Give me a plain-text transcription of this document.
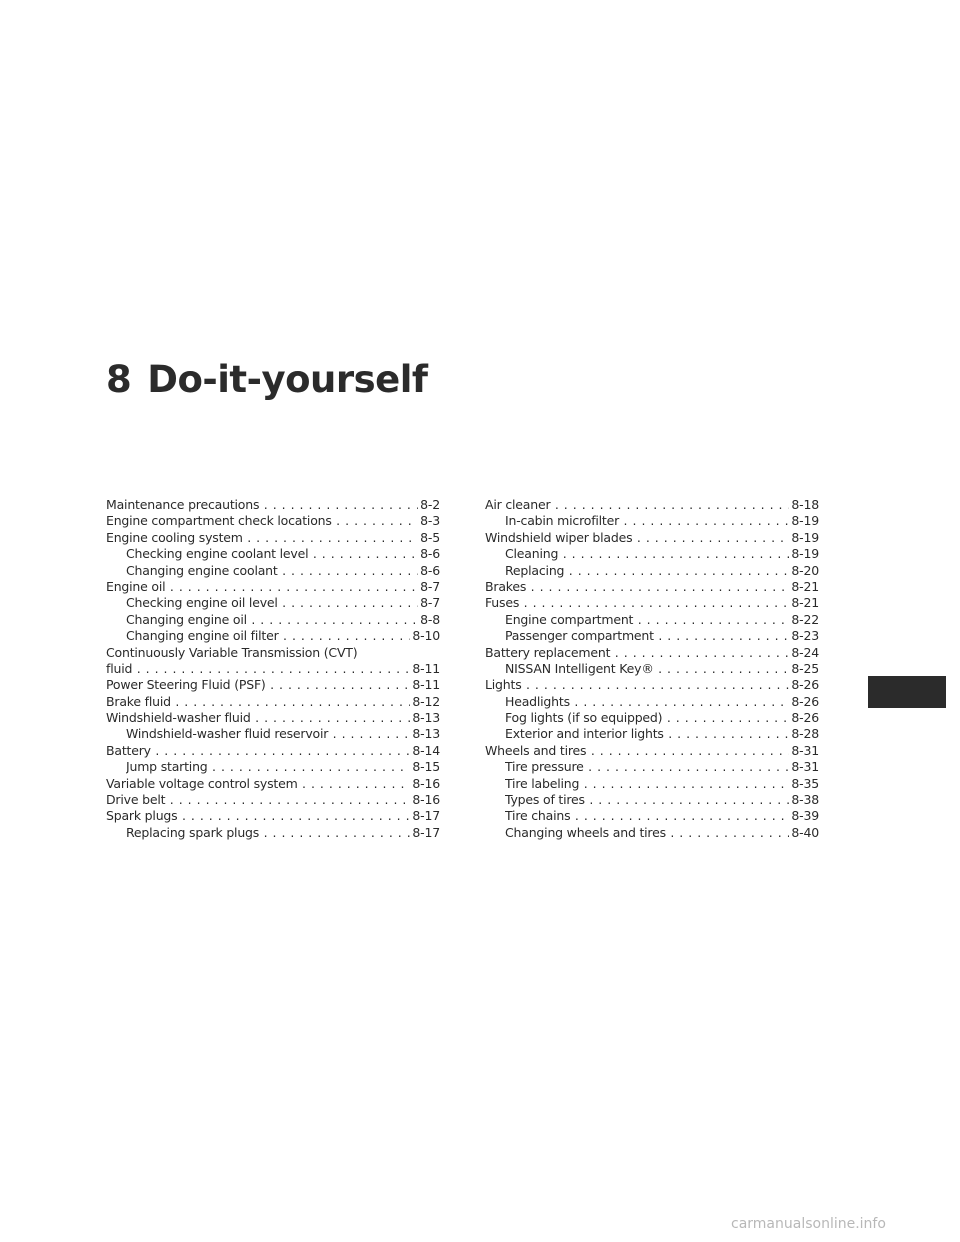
8 Do-it-yourself
Maintenance precautions . . .	8-2
Engine compartment check locations . . .	8-3
Engine cooling system . . .	8-5
Checking engine coolant level . . .	8-6
Changing engine coolant . . .	8-6
Engine oil . . .	8-7
Checking engine oil level . . .	8-7
Changing engine oil . . .	8-8
Changing engine oil filter . . .	8-10
Continuously Variable Transmission (CVT)
fluid . . .	8-11
Power Steering Fluid (PSF) . . .	8-11
Brake fluid . . .	8-12
Windshield-washer fluid . . .	8-13
Windshield-washer fluid reservoir . . .	8-13
Battery . . .	8-14
Jump starting . . .	8-15
Variable voltage control system . . .	8-16
Drive belt . . .	8-16
Spark plugs . . .	8-17
Replacing spark plugs . . .	8-17
Air cleaner . . .	8-18
In-cabin microfilter . . .	8-19
Windshield wiper blades . . .	8-19
Cleaning . . .	8-19
Replacing . . .	8-20
Brakes . . .	8-21
Fuses . . .	8-21
Engine compartment . . .	8-22
Passenger compartment . . .	8-23
Battery replacement . . .	8-24
NISSAN Intelligent Key® . . .	8-25
Lights . . .	8-26
Headlights . . .	8-26
Fog lights (if so equipped) . . .	8-26
Exterior and interior lights . . .	8-28
Wheels and tires . . .	8-31
Tire pressure . . .	8-31
Tire labeling . . .	8-35
Types of tires . . .	8-38
Tire chains . . .	8-39
Changing wheels and tires . . .	8-40
carmanualsonline.info
